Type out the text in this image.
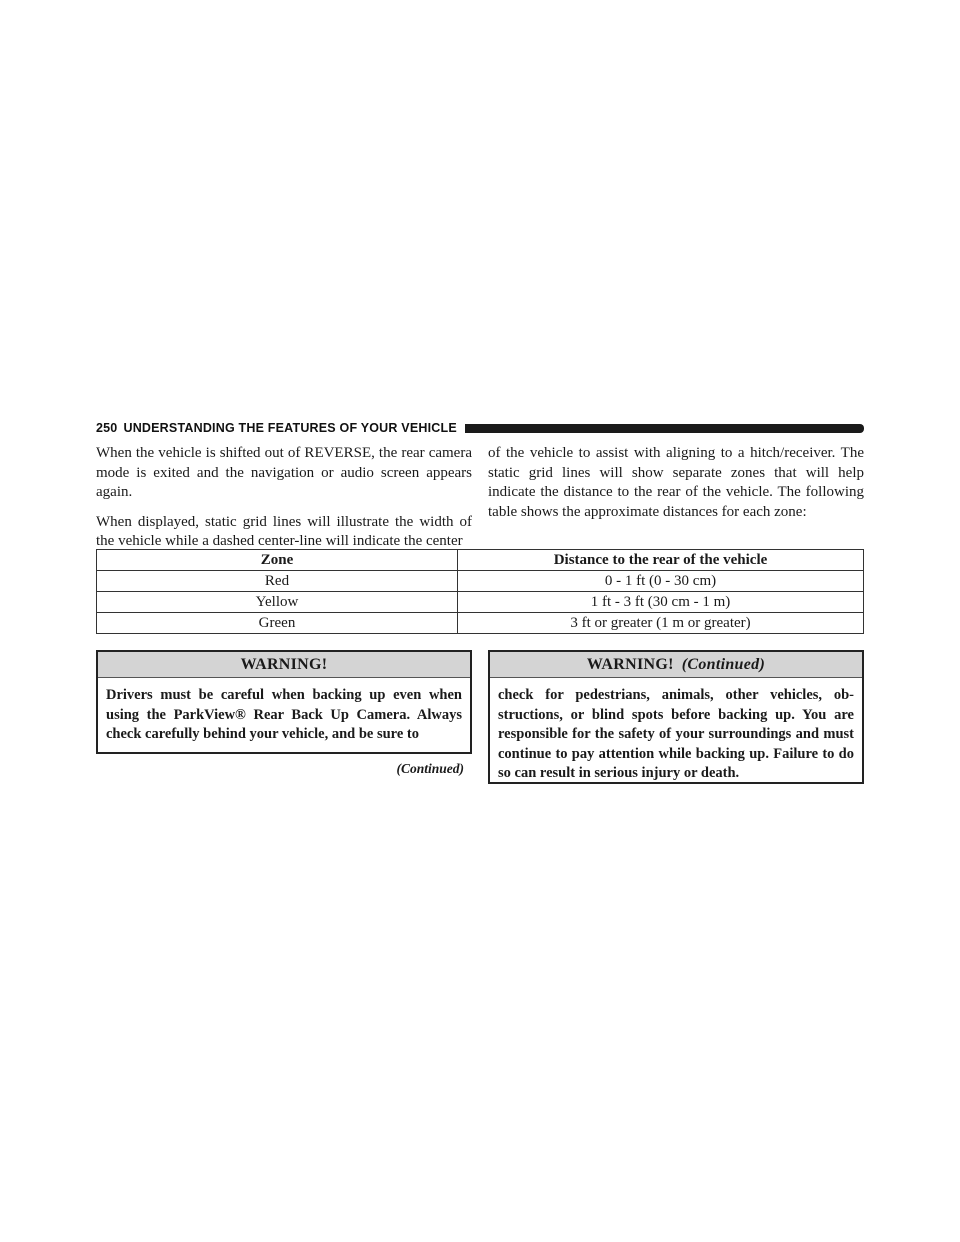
250 UNDERSTANDING THE FEATURES OF YOUR VEHICLE

When the vehicle is shifted out of REVERSE, the rear camera mode is exited and the navigation or audio screen appears again.

When displayed, static grid lines will illustrate the width of the vehicle while a dashed center-line will indicate the center

of the vehicle to assist with aligning to a hitch/receiver. The static grid lines will show separate zones that will help indicate the distance to the rear of the vehicle. The following table shows the approximate distances for each zone:

Zone	Distance to the rear of the vehicle
Red	0 - 1 ft (0 - 30 cm)
Yellow	1 ft - 3 ft (30 cm - 1 m)
Green	3 ft or greater (1 m or greater)
WARNING!
Drivers must be careful when backing up even when using the ParkView® Rear Back Up Camera. Always check carefully behind your vehicle, and be sure to
(Continued)
WARNING! (Continued)
check for pedestrians, animals, other vehicles, ob-structions, or blind spots before backing up. You are responsible for the safety of your surroundings and must continue to pay attention while backing up. Failure to do so can result in serious injury or death.
